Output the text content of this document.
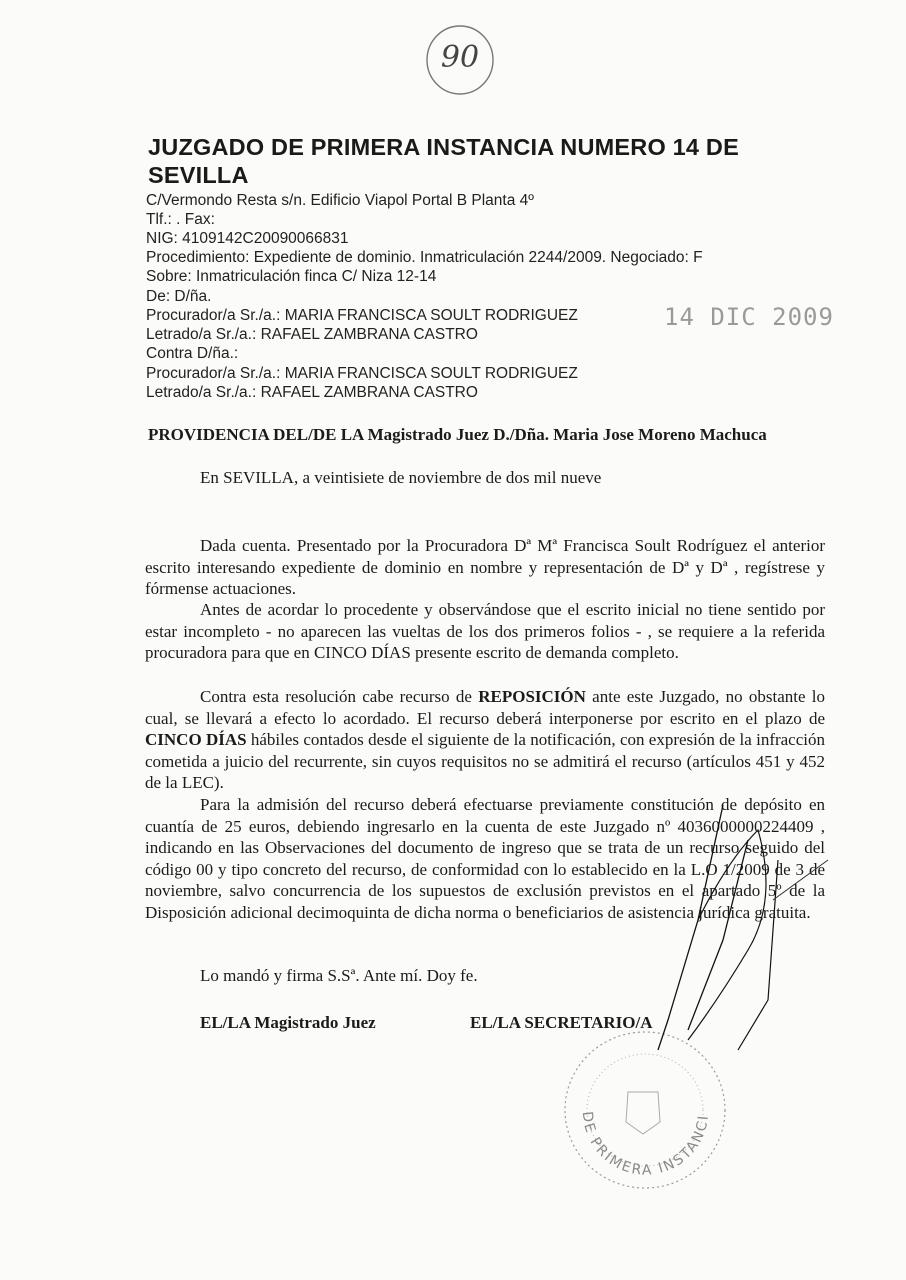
90
JUZGADO DE PRIMERA INSTANCIA NUMERO 14 DE SEVILLA
C/Vermondo Resta s/n. Edificio Viapol Portal B Planta 4º
Tlf.: . Fax:
NIG: 4109142C20090066831
Procedimiento: Expediente de dominio. Inmatriculación 2244/2009. Negociado: F
Sobre: Inmatriculación finca C/ Niza 12-14
De: D/ña.
Procurador/a Sr./a.: MARIA FRANCISCA SOULT RODRIGUEZ
Letrado/a Sr./a.: RAFAEL ZAMBRANA CASTRO
Contra D/ña.:
Procurador/a Sr./a.: MARIA FRANCISCA SOULT RODRIGUEZ
Letrado/a Sr./a.: RAFAEL ZAMBRANA CASTRO
14 DIC 2009
PROVIDENCIA DEL/DE LA Magistrado Juez D./Dña. Maria Jose Moreno Machuca
En SEVILLA, a veintisiete de noviembre de dos mil nueve
Dada cuenta. Presentado por la Procuradora Dª Mª Francisca Soult Rodríguez el anterior escrito interesando expediente de dominio en nombre y representación de Dª y Dª , regístrese y fórmense actuaciones.
Antes de acordar lo procedente y observándose que el escrito inicial no tiene sentido por estar incompleto - no aparecen las vueltas de los dos primeros folios - , se requiere a la referida procuradora para que en CINCO DÍAS presente escrito de demanda completo.
Contra esta resolución cabe recurso de REPOSICIÓN ante este Juzgado, no obstante lo cual, se llevará a efecto lo acordado. El recurso deberá interponerse por escrito en el plazo de CINCO DÍAS hábiles contados desde el siguiente de la notificación, con expresión de la infracción cometida a juicio del recurrente, sin cuyos requisitos no se admitirá el recurso (artículos 451 y 452 de la LEC).
Para la admisión del recurso deberá efectuarse previamente constitución de depósito en cuantía de 25 euros, debiendo ingresarlo en la cuenta de este Juzgado nº 4036000000224409 , indicando en las Observaciones del documento de ingreso que se trata de un recurso seguido del código 00 y tipo concreto del recurso, de conformidad con lo establecido en la L.O 1/2009 de 3 de noviembre, salvo concurrencia de los supuestos de exclusión previstos en el apartado 5º de la Disposición adicional decimoquinta de dicha norma o beneficiarios de asistencia jurídica gratuita.
Lo mandó y firma S.Sª. Ante mí. Doy fe.
EL/LA Magistrado Juez	EL/LA SECRETARIO/A
DE PRIMERA INSTANCI
